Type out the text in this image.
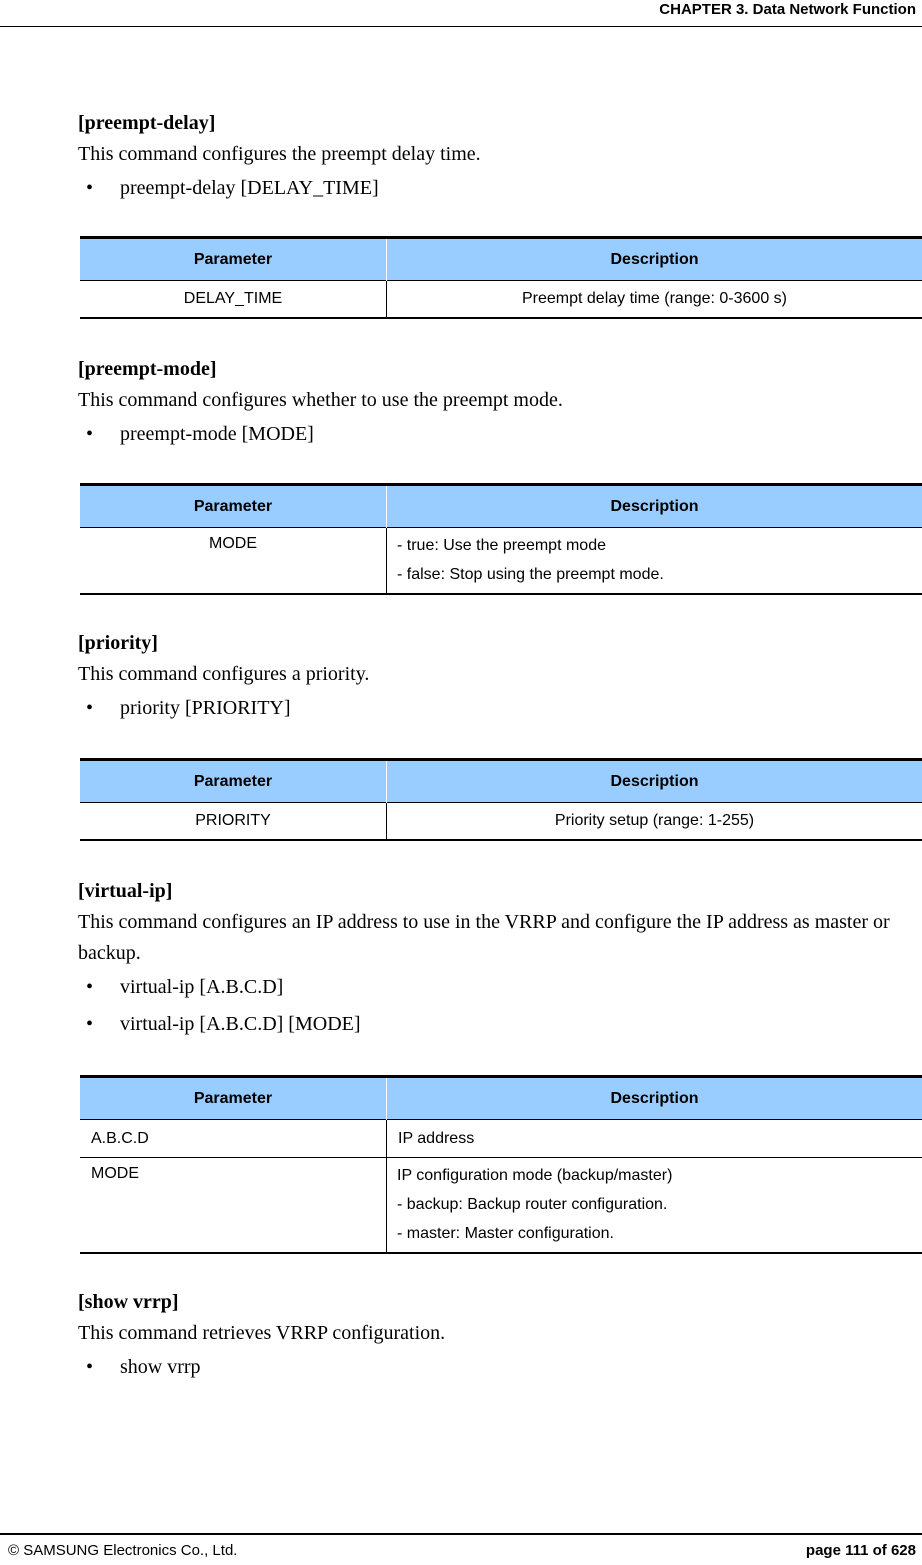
CHAPTER 3. Data Network Function
[preempt-delay]
This command configures the preempt delay time.
• preempt-delay [DELAY_TIME]
Parameter	Description
DELAY_TIME	Preempt delay time (range: 0-3600 s)
[preempt-mode]
This command configures whether to use the preempt mode.
• preempt-mode [MODE]
Parameter	Description
MODE	- true: Use the preempt mode
- false: Stop using the preempt mode.
[priority]
This command configures a priority.
• priority [PRIORITY]
Parameter	Description
PRIORITY	Priority setup (range: 1-255)
[virtual-ip]
This command configures an IP address to use in the VRRP and configure the IP address as master or backup.
• virtual-ip [A.B.C.D]
• virtual-ip [A.B.C.D] [MODE]
Parameter	Description
A.B.C.D	IP address
MODE	IP configuration mode (backup/master)
- backup: Backup router configuration.
- master: Master configuration.
[show vrrp]
This command retrieves VRRP configuration.
• show vrrp
© SAMSUNG Electronics Co., Ltd.	page 111 of 628
